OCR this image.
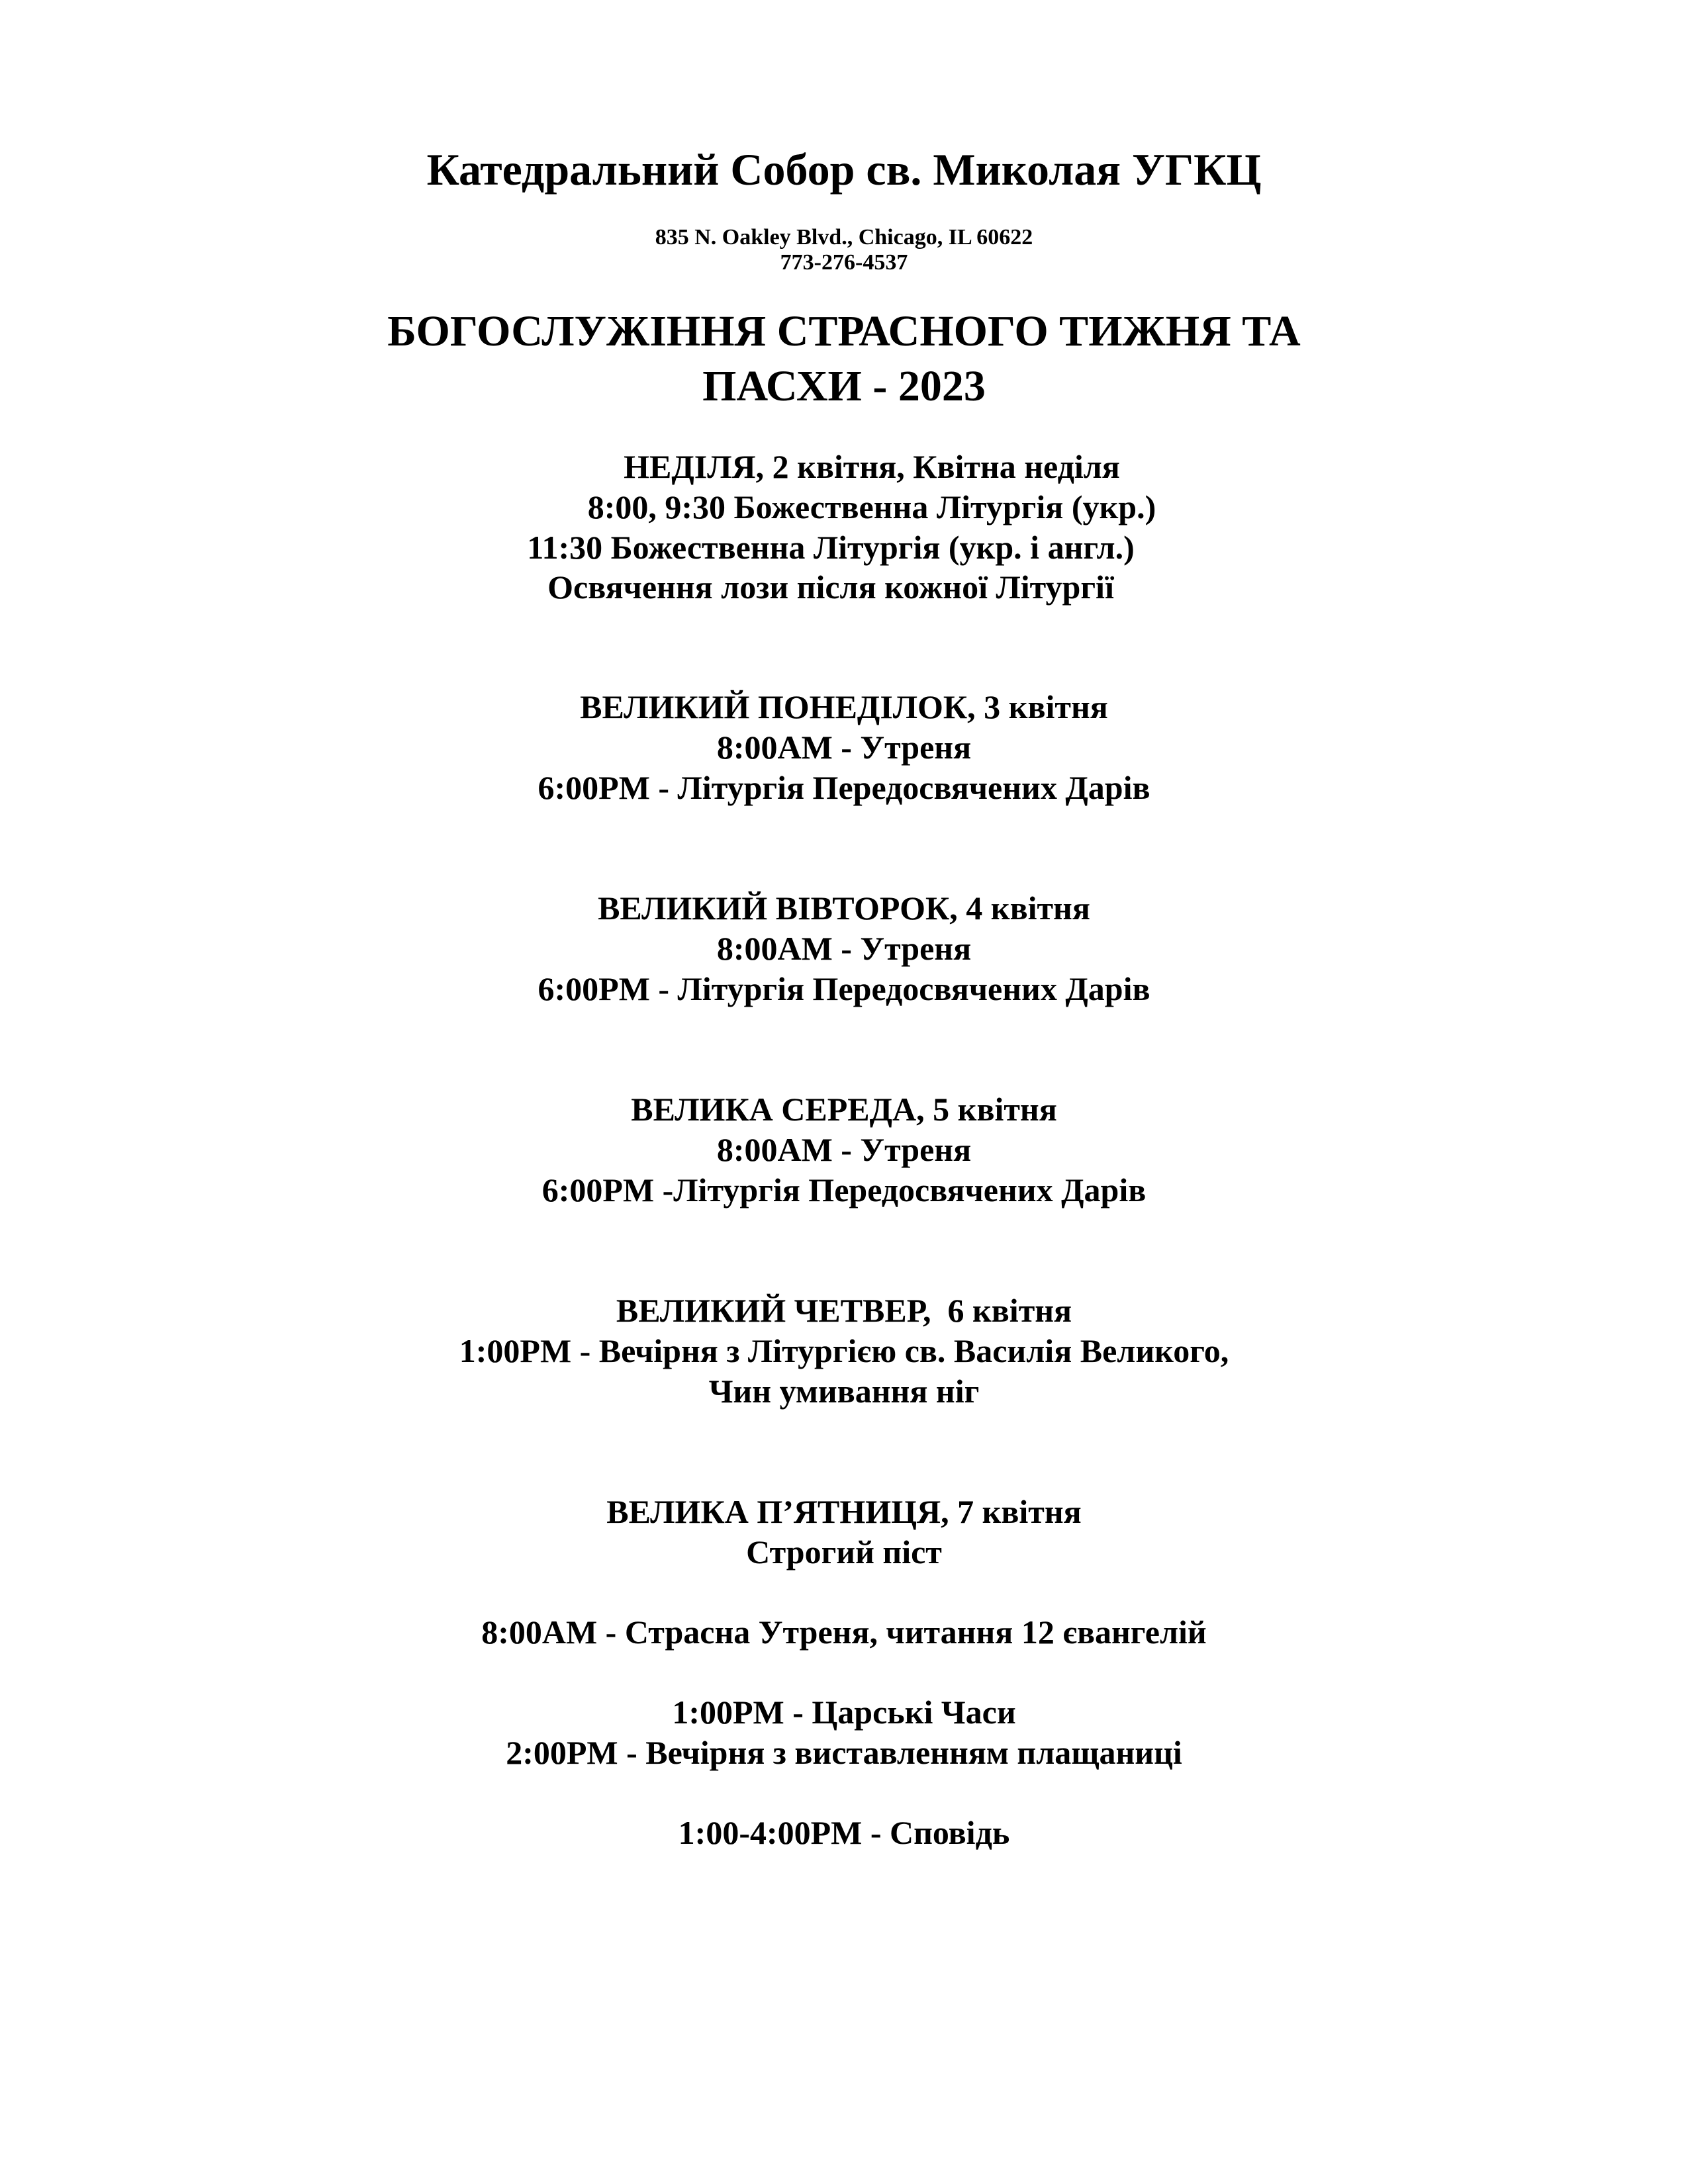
Катедральний Собор св. Миколая УГКЦ
835 N. Oakley Blvd., Chicago, IL 60622
773-276-4537
БОГОСЛУЖІННЯ СТРАСНОГО ТИЖНЯ ТА
ПАСХИ - 2023
НЕДІЛЯ, 2 квітня, Квітна неділя
8:00, 9:30 Божественна Літургія (укр.)
11:30 Божественна Літургія (укр. і англ.)
Освячення лози після кожної Літургії
ВЕЛИКИЙ ПОНЕДІЛОК, 3 квітня
8:00AM - Утреня
6:00PM - Літургія Передосвячених Дарів
ВЕЛИКИЙ ВІВТОРОК, 4 квітня
8:00AM - Утреня
6:00PM - Літургія Передосвячених Дарів
ВЕЛИКА СЕРЕДА, 5 квітня
8:00AM - Утреня
6:00PM -Літургія Передосвячених Дарів
ВЕЛИКИЙ ЧЕТВЕР,  6 квітня
1:00PM - Вечірня з Літургією св. Василія Великого,
Чин умивання ніг
ВЕЛИКА П’ЯТНИЦЯ, 7 квітня
Строгий піст
8:00AM - Страсна Утреня, читання 12 євангелій
1:00PM - Царські Часи
2:00PM - Вечірня з виставленням плащаниці
1:00-4:00PM - Сповідь
